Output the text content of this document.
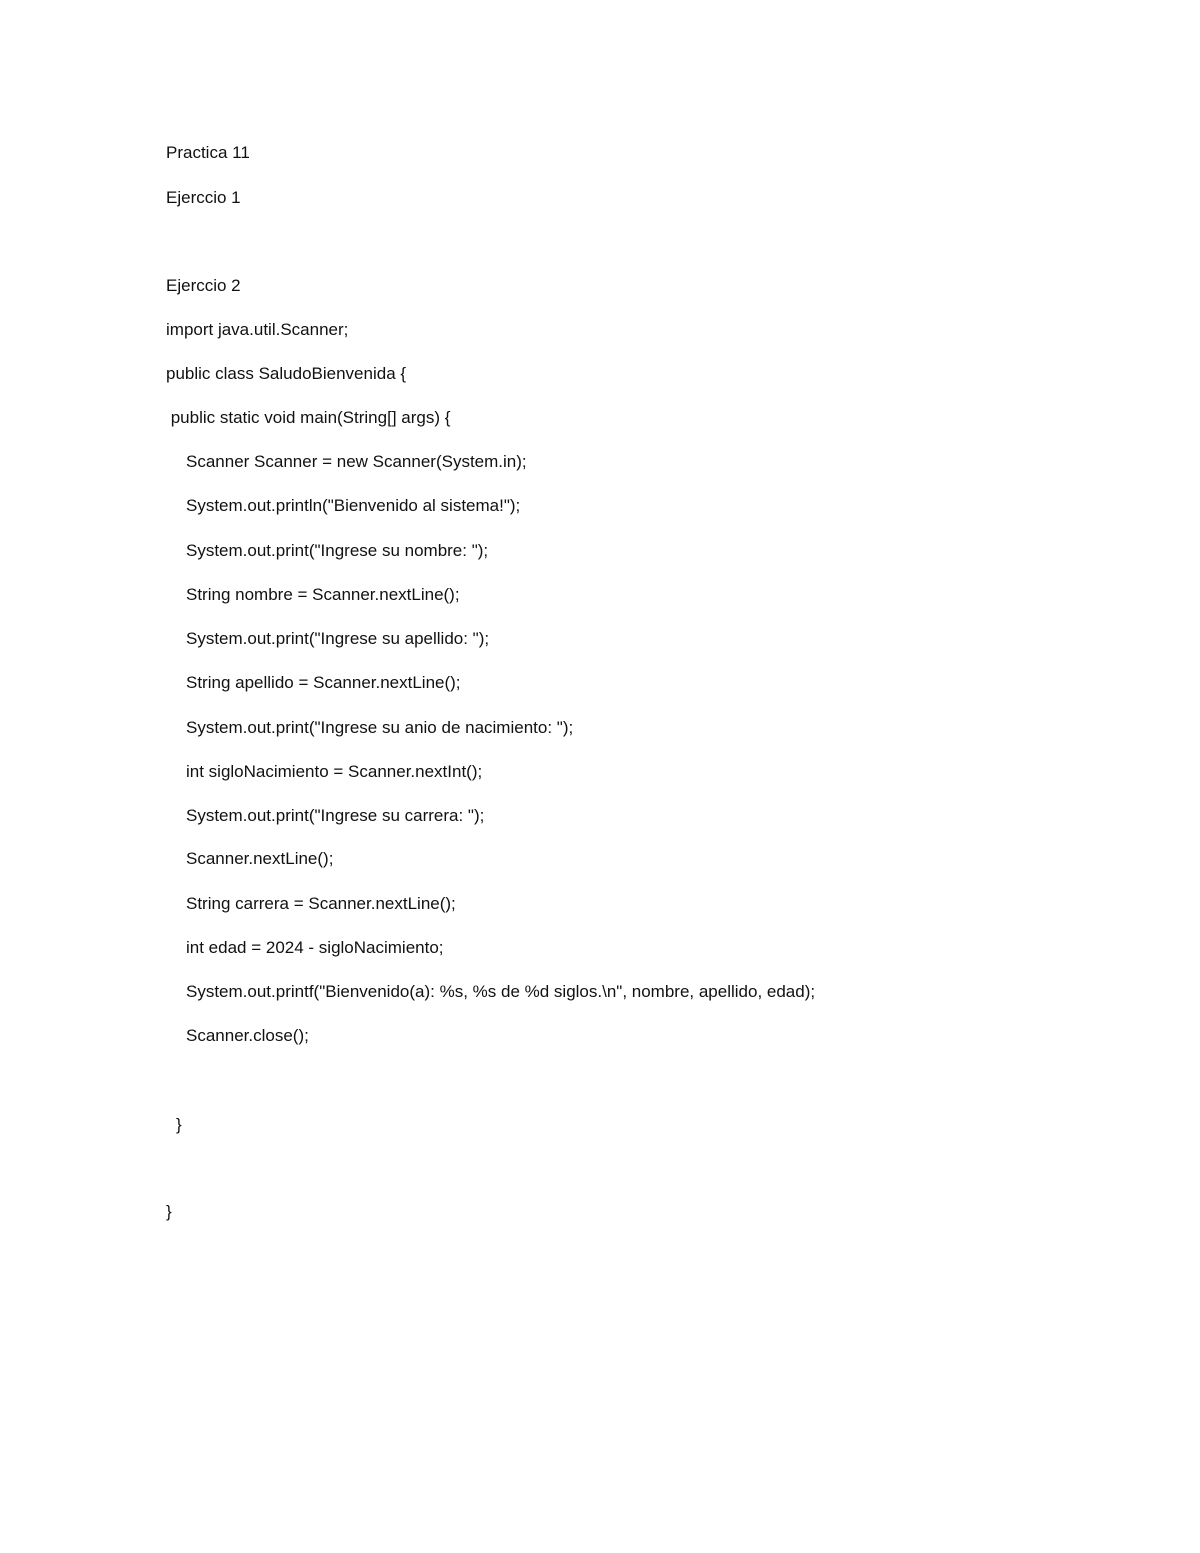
Practica 11
Ejerccio 1
Ejerccio 2
import java.util.Scanner;
public class SaludoBienvenida {
public static void main(String[] args) {
Scanner Scanner = new Scanner(System.in);
System.out.println("Bienvenido al sistema!");
System.out.print("Ingrese su nombre: ");
String nombre = Scanner.nextLine();
System.out.print("Ingrese su apellido: ");
String apellido = Scanner.nextLine();
System.out.print("Ingrese su anio de nacimiento: ");
int sigloNacimiento = Scanner.nextInt();
System.out.print("Ingrese su carrera: ");
Scanner.nextLine();
String carrera = Scanner.nextLine();
int edad = 2024 - sigloNacimiento;
System.out.printf("Bienvenido(a): %s, %s de %d siglos.\n", nombre, apellido, edad);
Scanner.close();
}
}
